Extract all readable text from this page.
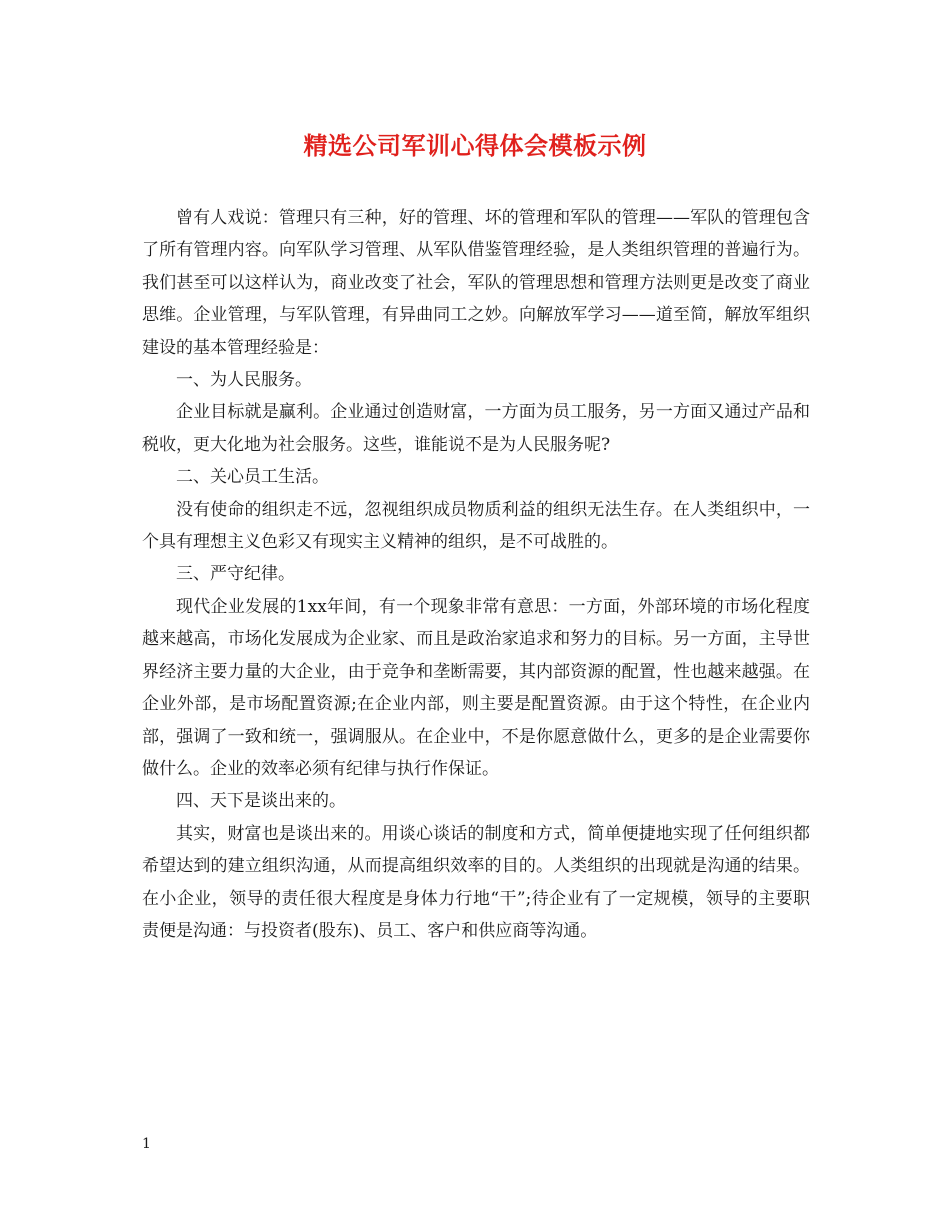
精选公司军训心得体会模板示例

曾有人戏说：管理只有三种，好的管理、坏的管理和军队的管理——军队的管理包含了所有管理内容。向军队学习管理、从军队借鉴管理经验，是人类组织管理的普遍行为。我们甚至可以这样认为，商业改变了社会，军队的管理思想和管理方法则更是改变了商业思维。企业管理，与军队管理，有异曲同工之妙。向解放军学习——道至简，解放军组织建设的基本管理经验是：

一、为人民服务。

企业目标就是赢利。企业通过创造财富，一方面为员工服务，另一方面又通过产品和税收，更大化地为社会服务。这些，谁能说不是为人民服务呢?

二、关心员工生活。

没有使命的组织走不远，忽视组织成员物质利益的组织无法生存。在人类组织中，一个具有理想主义色彩又有现实主义精神的组织，是不可战胜的。

三、严守纪律。

现代企业发展的1xx年间，有一个现象非常有意思：一方面，外部环境的市场化程度越来越高，市场化发展成为企业家、而且是政治家追求和努力的目标。另一方面，主导世界经济主要力量的大企业，由于竞争和垄断需要，其内部资源的配置，性也越来越强。在企业外部，是市场配置资源;在企业内部，则主要是配置资源。由于这个特性，在企业内部，强调了一致和统一，强调服从。在企业中，不是你愿意做什么，更多的是企业需要你做什么。企业的效率必须有纪律与执行作保证。

四、天下是谈出来的。

其实，财富也是谈出来的。用谈心谈话的制度和方式，简单便捷地实现了任何组织都希望达到的建立组织沟通，从而提高组织效率的目的。人类组织的出现就是沟通的结果。在小企业，领导的责任很大程度是身体力行地“干”;待企业有了一定规模，领导的主要职责便是沟通：与投资者(股东)、员工、客户和供应商等沟通。

1
